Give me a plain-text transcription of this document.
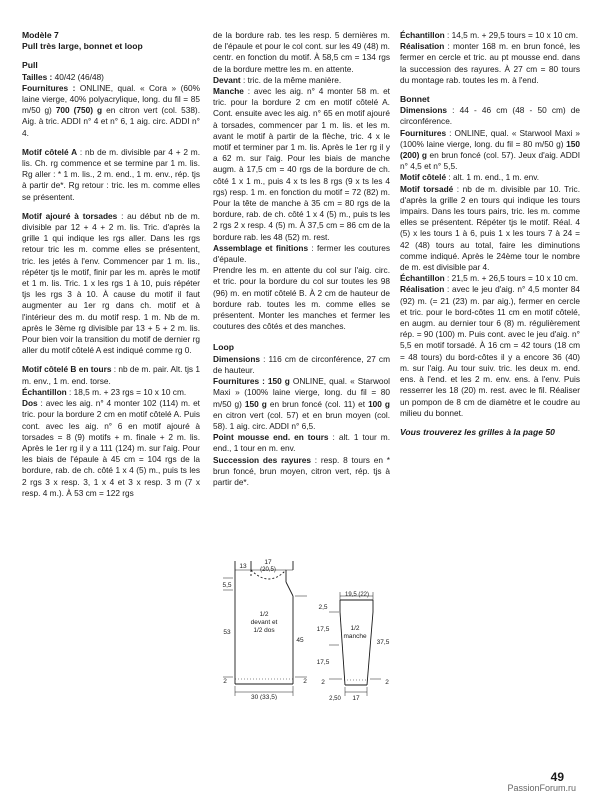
Modèle 7
Pull très large, bonnet et loop
Pull

Tailles : 40/42 (46/48)

Fournitures : ONLINE, qual. « Cora » (60% laine vierge, 40% polyacrylique, long. du fil = 85 m/50 g) 700 (750) g en citron vert (col. 538). Aig. à tric. ADDI n° 4 et n° 6, 1 aig. circ. ADDI n° 4.

Motif côtelé A : nb de m. divisible par 4 + 2 m. lis. Ch. rg commence et se termine par 1 m. lis. Rg aller : * 1 m. lis., 2 m. end., 1 m. env., rép. tjs à partir de*. Rg retour : tric. les m. comme elles se présentent.

Motif ajouré à torsades : au début nb de m. divisible par 12 + 4 + 2 m. lis. Tric. d'après la grille 1 qui indique les rgs aller. Dans les rgs retour tric les m. comme elles se présentent, tric. les jetés à l'env. Commencer par 1 m. lis., répéter tjs le motif, finir par les m. après le motif et 1 m. lis. Tric. 1 x les rgs 1 à 10, puis répéter tjs les rgs 3 à 10. À cause du motif il faut augmenter au 1er rg dans ch. motif et à l'intérieur des m. du motif resp. 1 m. Nb de m. après le 3ème rg divisible par 13 + 5 + 2 m. lis. Pour bien voir la transition du motif de dernier rg aller du motif côtelé A est indiqué comme rg 0.

Motif côtelé B en tours : nb de m. pair. Alt. tjs 1 m. env., 1 m. end. torse.

Échantillon : 18,5 m. + 23 rgs = 10 x 10 cm.

Dos : avec les aig. n° 4 monter 102 (114) m. et tric. pour la bordure 2 cm en motif côtelé A. Puis cont. avec les aig. n° 6 en motif ajouré à torsades = 8 (9) motifs + m. finale + 2 m. lis. Après le 1er rg il y a 111 (124) m. sur l'aig. Pour les biais de l'épaule à 45 cm = 104 rgs de la bordure, rab. de ch. côté 1 x 4 (5) m., puis ts les 2 rgs 3 x resp. 3, 1 x 4 et 3 x resp. 3 m (7 x resp. 4 m.). À 53 cm = 122 rgs

de la bordure rab. tes les resp. 5 dernières m. de l'épaule et pour le col cont. sur les 49 (48) m. centr. en fonction du motif. À 58,5 cm = 134 rgs de la bordure mettre les m. en attente.

Devant : tric. de la même manière.

Manche : avec les aig. n° 4 monter 58 m. et tric. pour la bordure 2 cm en motif côtelé A. Cont. ensuite avec les aig. n° 65 en motif ajouré à torsades, commencer par 1 m. lis. et les m. avant le motif à partir de la flèche, tric. 4 x le motif et terminer par 1 m. lis. Après le 1er rg il y a 62 m. sur l'aig. Pour les biais de manche augm. à 17,5 cm = 40 rgs de la bordure de ch. côté 1 x 1 m., puis 4 x ts les 8 rgs (9 x ts les 4 rgs) resp. 1 m. en fonction du motif = 72 (82) m. Pour la tête de manche à 35 cm = 80 rgs de la bordure, rab. de ch. côté 1 x 4 (5) m., puis ts les 2 rgs 2 x resp. 4 (5) m. À 37,5 cm = 86 cm de la bordure rab. les 48 (52) m. rest.

Assemblage et finitions : fermer les coutures d'épaule.

Prendre les m. en attente du col sur l'aig. circ. et tric. pour la bordure du col sur toutes les 98 (96) m. en motif côtelé B. À 2 cm de hauteur de bordure rab. toutes les m. comme elles se présentent. Monter les manches et fermer les coutures des côtés et des manches.

Loop

Dimensions : 116 cm de circonférence, 27 cm de hauteur.

Fournitures : 150 g ONLINE, qual. « Starwool Maxi » (100% laine vierge, long. du fil = 80 m/50 g) 150 g en brun foncé (col. 11) et 100 g en citron vert (col. 57) et en brun moyen (col. 58). 1 aig. circ. ADDI n° 6,5.

Point mousse end. en tours : alt. 1 tour m. end., 1 tour en m. env.

Succession des rayures : resp. 8 tours en * brun foncé, brun moyen, citron vert, rép. tjs à partir de*.

Échantillon : 14,5 m. + 29,5 tours = 10 x 10 cm.

Réalisation : monter 168 m. en brun foncé, les fermer en cercle et tric. au pt mousse end. dans la succession des rayures. À 27 cm = 80 tours du montage rab. toutes les m. à l'end.

Bonnet

Dimensions : 44 - 46 cm (48 - 50 cm) de circonférence.

Fournitures : ONLINE, qual. « Starwool Maxi » (100% laine vierge, long. du fil = 80 m/50 g) 150 (200) g en brun foncé (col. 57). Jeux d'aig. ADDI n° 4,5 et n° 5,5.

Motif côtelé : alt. 1 m. end., 1 m. env.

Motif torsadé : nb de m. divisible par 10. Tric. d'après la grille 2 en tours qui indique les tours impairs. Dans les tours pairs, tric. les m. comme elles se présentent. Répéter tjs le motif. Réal. 4 (5) x les tours 1 à 6, puis 1 x les tours 7 à 24 = 42 (48) tours au total, faire les diminutions comme indiqué. Après le 24ème tour le nombre de m. est divisible par 4.

Échantillon : 21,5 m. + 26,5 tours = 10 x 10 cm.

Réalisation : avec le jeu d'aig. n° 4,5 monter 84 (92) m. (= 21 (23) m. par aig.), fermer en cercle et tric. pour le bord-côtes 11 cm en motif côtelé, en augm. au dernier tour 6 (8) m. régulièrement rép. = 90 (100) m. Puis cont. avec le jeu d'aig. n° 5,5 en motif torsadé. À 16 cm = 42 tours (18 cm = 48 tours) du bord-côtes il y a encore 36 (40) m. sur l'aig. Au tour suiv. tric. les deux m. end. ens. à l'end. et les 2 m. env. ens. à l'env. Puis resserrer les 18 (20) m. rest. avec le fil. Réaliser un pompon de 8 cm de diamètre et le coudre au milieu du bonnet.

Vous trouverez les grilles à la page 50
13
17
(20,5)
5,5
53
1/2
devant et
1/2 dos
45
2	2
30 (33,5)
19,5 (22)
2,5
17,5
17,5
1/2
manche
37,5
2	2
2,50 17
49
PassionForum.ru
